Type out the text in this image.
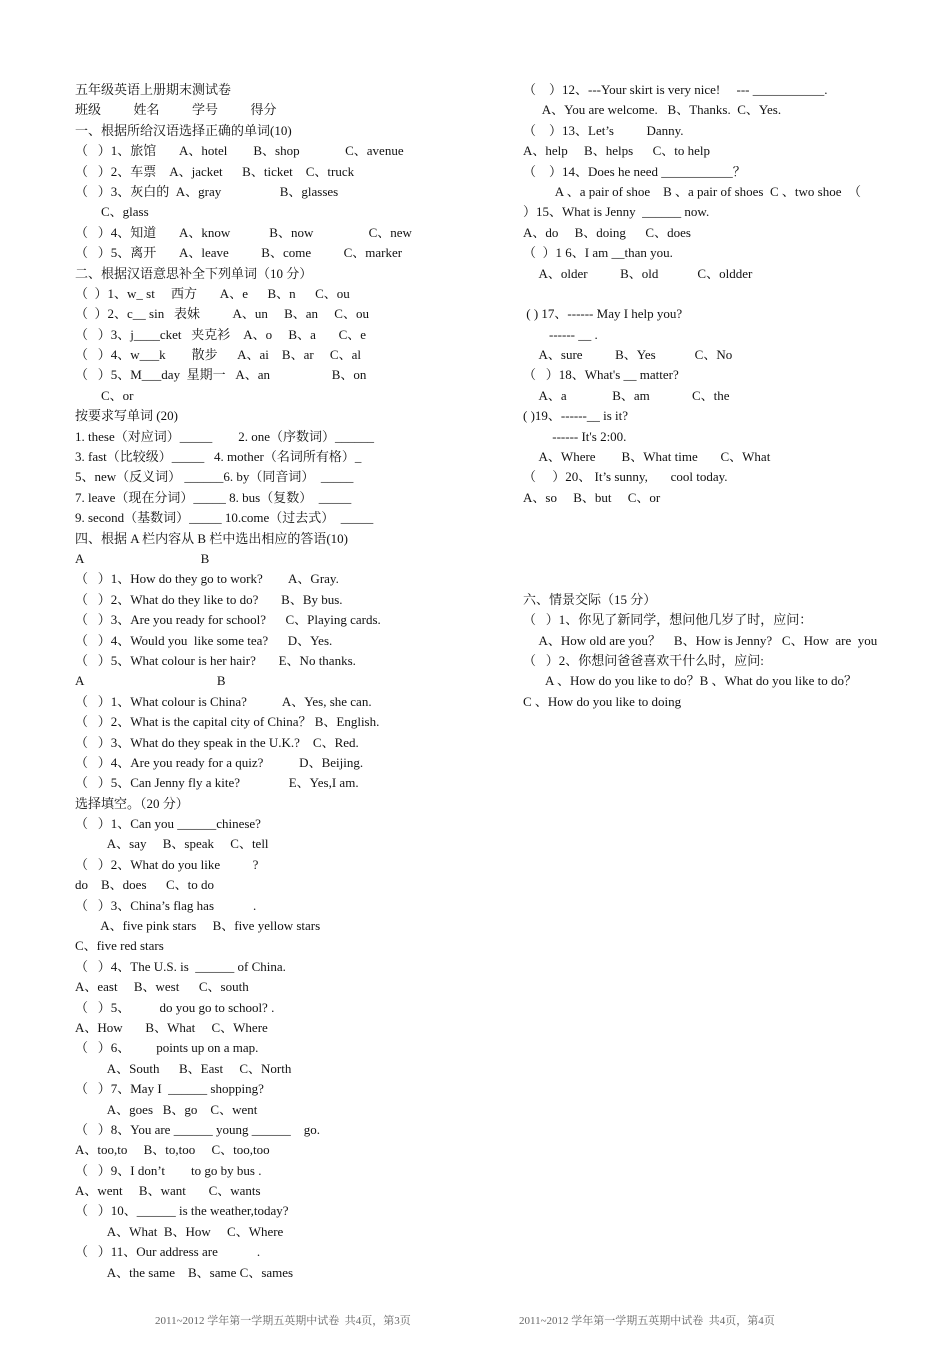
五年级英语上册期末测试卷
班级          姓名          学号          得分
一、根据所给汉语选择正确的单词(10)
（   ）1、旅馆       A、hotel        B、shop              C、avenue
（   ）2、车票    A、jacket      B、ticket    C、truck
（   ）3、灰白的  A、gray                  B、glasses
C、glass
（   ）4、知道       A、know            B、now                 C、new
（   ）5、离开       A、leave          B、come          C、marker
二、根据汉语意思补全下列单词（10 分）
（  ）1、w_ st     西方       A、e      B、n      C、ou
（  ）2、c__ sin   表妹          A、un     B、an     C、ou
（   ）3、j____cket   夹克衫    A、o     B、a       C、e
（   ）4、w___k        散步      A、ai    B、ar     C、al
（   ）5、M___day  星期一   A、an                   B、on
C、or
按要求写单词 (20)
1. these（对应词）_____        2. one（序数词）______
3. fast（比较级）_____   4. mother（名词所有格）_
5、new（反义词） ______6. by（同音词）  _____
7. leave（现在分词）_____ 8. bus（复数）  _____
9. second（基数词）_____ 10.come（过去式）  _____
四、根据 A 栏内容从 B 栏中选出相应的答语(10)
A                                    B
（   ）1、How do they go to work?        A、Gray.
（   ）2、What do they like to do?       B、By bus.
（   ）3、Are you ready for school?      C、Playing cards.
（   ）4、Would you  like some tea?      D、Yes.
（   ）5、What colour is her hair?       E、No thanks.
A                                         B
（   ）1、What colour is China?           A、Yes, she can.
（   ）2、What is the capital city of China？ B、English.
（   ）3、What do they speak in the U.K.?    C、Red.
（   ）4、Are you ready for a quiz?           D、Beijing.
（   ）5、Can Jenny fly a kite?               E、Yes,I am.
选择填空。（20 分）
（   ）1、Can you ______chinese?
A、say     B、speak     C、tell
（   ）2、What do you like          ?
do    B、does      C、to do
（   ）3、China’s flag has            .
A、five pink stars     B、five yellow stars
C、five red stars
（   ）4、The U.S. is  ______ of China.
A、east     B、west      C、south
（   ）5、         do you go to school? .
A、How       B、What     C、Where
（   ）6、        points up on a map.
A、South      B、East     C、North
（   ）7、May I  ______ shopping?
A、goes   B、go    C、went
（   ）8、You are ______ young ______    go.
A、too,to     B、to,too     C、too,too
（   ）9、I don’t        to go by bus .
A、went     B、want       C、wants
（   ）10、______ is the weather,today?
A、What  B、How     C、Where
（   ）11、Our address are            .
A、the same    B、same C、sames
（    ）12、---Your skirt is very nice!     --- ___________.
A、You are welcome.   B、Thanks.  C、Yes.
（    ）13、Let’s          Danny.
A、help     B、helps      C、to help
（    ）14、Does he need ___________？
A 、a pair of shoe    B 、a pair of shoes  C 、two shoe  （
）15、What is Jenny  ______ now.
A、do     B、doing      C、does
（  ）1 6、I am __than you.
A、older          B、old            C、oldder
( ) 17、------ May I help you?
------ __ .
A、sure          B、Yes            C、No
（   ）18、What's __ matter?
A、a              B、am             C、the
( )19、------__ is it?
------ It's 2:00.
A、Where        B、What time       C、What
（     ）20、 It’s sunny,       cool today.
A、so     B、but     C、or
六、情景交际（15 分）
（   ）1、你见了新同学，想问他几岁了时，应问：
A、How old are you？    B、How is Jenny?   C、How  are  you
（   ）2、你想问爸爸喜欢干什么时，应问:
A 、How do you like to do？B 、What do you like to do？
C 、How do you like to doing
2011~2012 学年第一学期五英期中试卷  共4页，第3页	2011~2012 学年第一学期五英期中试卷  共4页，第4页
